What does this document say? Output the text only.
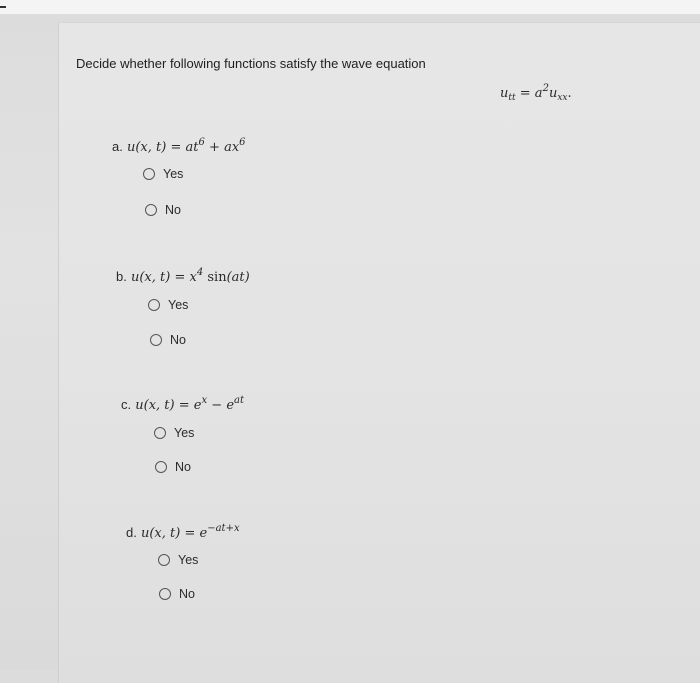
Decide whether following functions satisfy the wave equation
$u_{tt} = a^2u_{xx}$.
a. u(x, $t) = at^6 + ax^6$
Yes
No
b. u(x, $t) = x^4$ sin(at)
Yes
No
c. u(x, $t) = e^x - e^{at}$
Yes
No
d. u(x, $t) = e^{-at+x}$
Yes
No
